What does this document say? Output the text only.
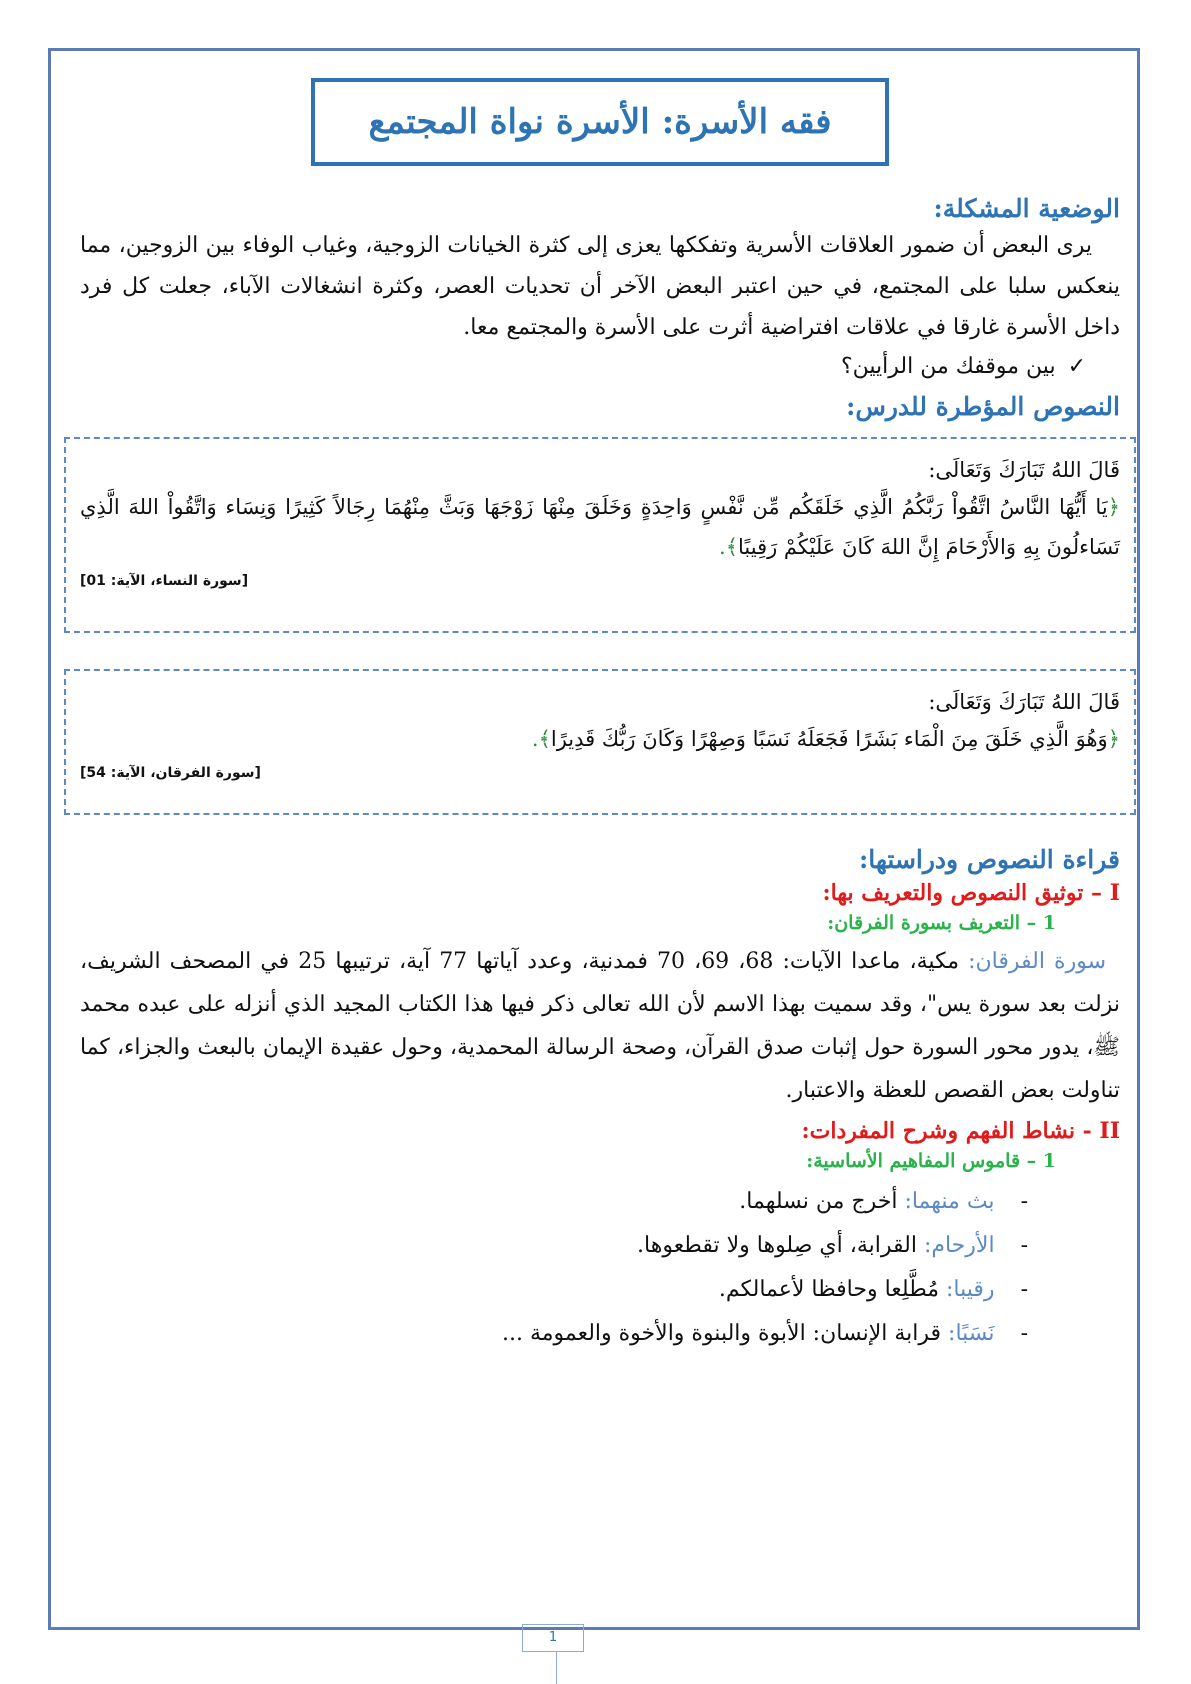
فقه الأسرة: الأسرة نواة المجتمع
الوضعية المشكلة:

يرى البعض أن ضمور العلاقات الأسرية وتفككها يعزى إلى كثرة الخيانات الزوجية، وغياب الوفاء بين الزوجين، مما ينعكس سلبا على المجتمع، في حين اعتبر البعض الآخر أن تحديات العصر، وكثرة انشغالات الآباء، جعلت كل فرد داخل الأسرة غارقا في علاقات افتراضية أثرت على الأسرة والمجتمع معا.

✓
بين موقفك من الرأيين؟
النصوص المؤطرة للدرس:
قَالَ اللهُ تَبَارَكَ وَتَعَالَى:
﴿يَا أَيُّهَا النَّاسُ اتَّقُواْ رَبَّكُمُ الَّذِي خَلَقَكُم مِّن نَّفْسٍ وَاحِدَةٍ وَخَلَقَ مِنْهَا زَوْجَهَا وَبَثَّ مِنْهُمَا رِجَالاً كَثِيرًا وَنِسَاء وَاتَّقُواْ اللهَ الَّذِي تَسَاءلُونَ بِهِ وَالأَرْحَامَ إِنَّ اللهَ كَانَ عَلَيْكُمْ رَقِيبًا﴾.
[سورة النساء، الآية: 01]
قَالَ اللهُ تَبَارَكَ وَتَعَالَى:
﴿وَهُوَ الَّذِي خَلَقَ مِنَ الْمَاء بَشَرًا فَجَعَلَهُ نَسَبًا وَصِهْرًا وَكَانَ رَبُّكَ قَدِيرًا﴾.
[سورة الفرقان، الآية: 54]
قراءة النصوص ودراستها:
I – توثيق النصوص والتعريف بها:
1 – التعريف بسورة الفرقان:

سورة الفرقان: مكية، ماعدا الآيات: 68، 69، 70 فمدنية، وعدد آياتها 77 آية، ترتيبها 25 في المصحف الشريف، نزلت بعد سورة يس"، وقد سميت بهذا الاسم لأن الله تعالى ذكر فيها هذا الكتاب المجيد الذي أنزله على عبده محمد ﷺ، يدور محور السورة حول إثبات صدق القرآن، وصحة الرسالة المحمدية، وحول عقيدة الإيمان بالبعث والجزاء، كما تناولت بعض القصص للعظة والاعتبار.

II - نشاط الفهم وشرح المفردات:
1 – قاموس المفاهيم الأساسية:
-
بث منهما: أخرج من نسلهما.
-
الأرحام: القرابة، أي صِلوها ولا تقطعوها.
-
رقيبا: مُطَّلِعا وحافظا لأعمالكم.
-
نَسَبًا: قرابة الإنسان: الأبوة والبنوة والأخوة والعمومة ...
1
